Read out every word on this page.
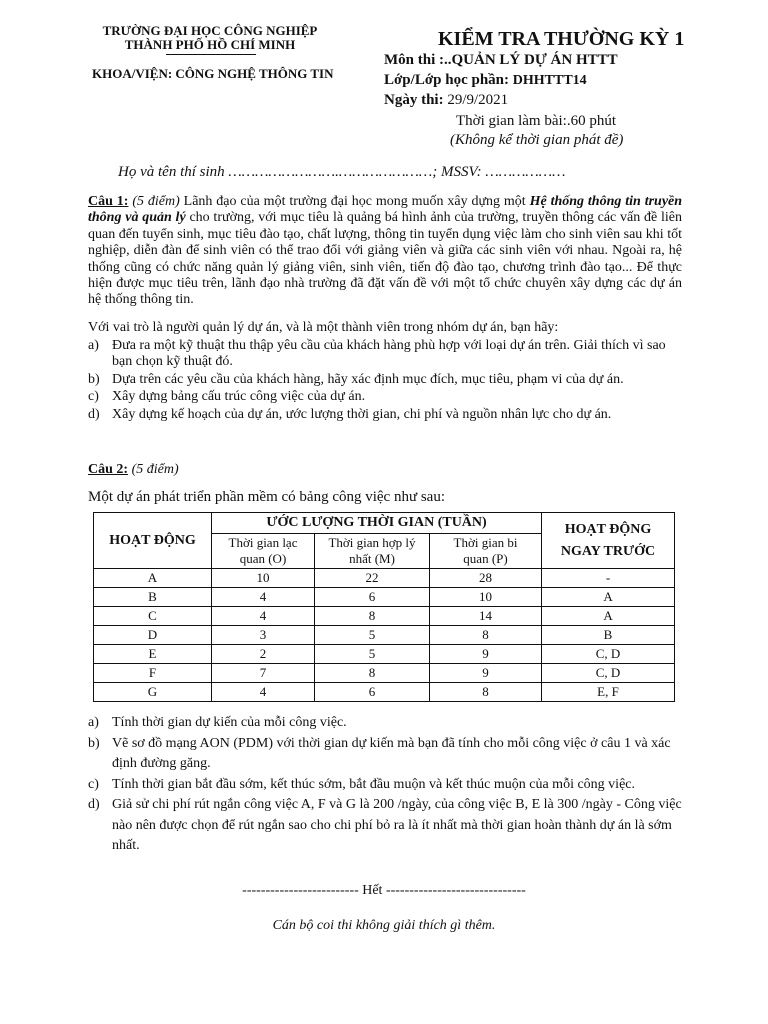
TRƯỜNG ĐẠI HỌC CÔNG NGHIỆP
THÀNH PHỐ HỒ CHÍ MINH
KHOA/VIỆN: CÔNG NGHỆ THÔNG TIN
KIỂM TRA THƯỜNG KỲ 1
Môn thi :..QUẢN LÝ DỰ ÁN HTTT
Lớp/Lớp học phần: DHHTTT14
Ngày thi: 29/9/2021
Thời gian làm bài:.60 phút
(Không kể thời gian phát đề)
Họ và tên thí sinh …………………….…………………; MSSV: ………………
Câu 1: (5 điểm) Lãnh đạo của một trường đại học mong muốn xây dựng một Hệ thống thông tin truyền thông và quản lý cho trường, với mục tiêu là quảng bá hình ảnh của trường, truyền thông các vấn đề liên quan đến tuyển sinh, mục tiêu đào tạo, chất lượng, thông tin tuyển dụng việc làm cho sinh viên sau khi tốt nghiệp, diễn đàn để sinh viên có thể trao đổi với giảng viên và giữa các sinh viên với nhau. Ngoài ra, hệ thống cũng có chức năng quản lý giảng viên, sinh viên, tiến độ đào tạo, chương trình đào tạo... Để thực hiện được mục tiêu trên, lãnh đạo nhà trường đã đặt vấn đề với một tổ chức chuyên xây dựng các dự án hệ thống thông tin.
Với vai trò là người quản lý dự án, và là một thành viên trong nhóm dự án, bạn hãy:
a) Đưa ra một kỹ thuật thu thập yêu cầu của khách hàng phù hợp với loại dự án trên. Giải thích vì sao bạn chọn kỹ thuật đó.
b) Dựa trên các yêu cầu của khách hàng, hãy xác định mục đích, mục tiêu, phạm vi của dự án.
c) Xây dựng bảng cấu trúc công việc của dự án.
d) Xây dựng kế hoạch của dự án, ước lượng thời gian, chi phí và nguồn nhân lực cho dự án.
Câu 2: (5 điểm)
Một dự án phát triển phần mềm có bảng công việc như sau:
HOẠT ĐỘNG	ƯỚC LƯỢNG THỜI GIAN (TUẦN)			HOẠT ĐỘNG
NGAY TRƯỚC
	Thời gian lạc
quan (O)	Thời gian hợp lý
nhất (M)	Thời gian bi
quan (P)	
A	10	22	28	-
B	4	6	10	A
C	4	8	14	A
D	3	5	8	B
E	2	5	9	C, D
F	7	8	9	C, D
G	4	6	8	E, F
a) Tính thời gian dự kiến của mỗi công việc.
b) Vẽ sơ đồ mạng AON (PDM) với thời gian dự kiến mà bạn đã tính cho mỗi công việc ở câu 1 và xác định đường găng.
c) Tính thời gian bắt đầu sớm, kết thúc sớm, bắt đầu muộn và kết thúc muộn của mỗi công việc.
d) Giả sử chi phí rút ngắn công việc A, F và G là 200 /ngày, của công việc B, E là 300 /ngày - Công việc nào nên được chọn để rút ngắn sao cho chi phí bỏ ra là ít nhất mà thời gian hoàn thành dự án là sớm nhất.
------------------------- Hết ------------------------------
Cán bộ coi thi không giải thích gì thêm.
